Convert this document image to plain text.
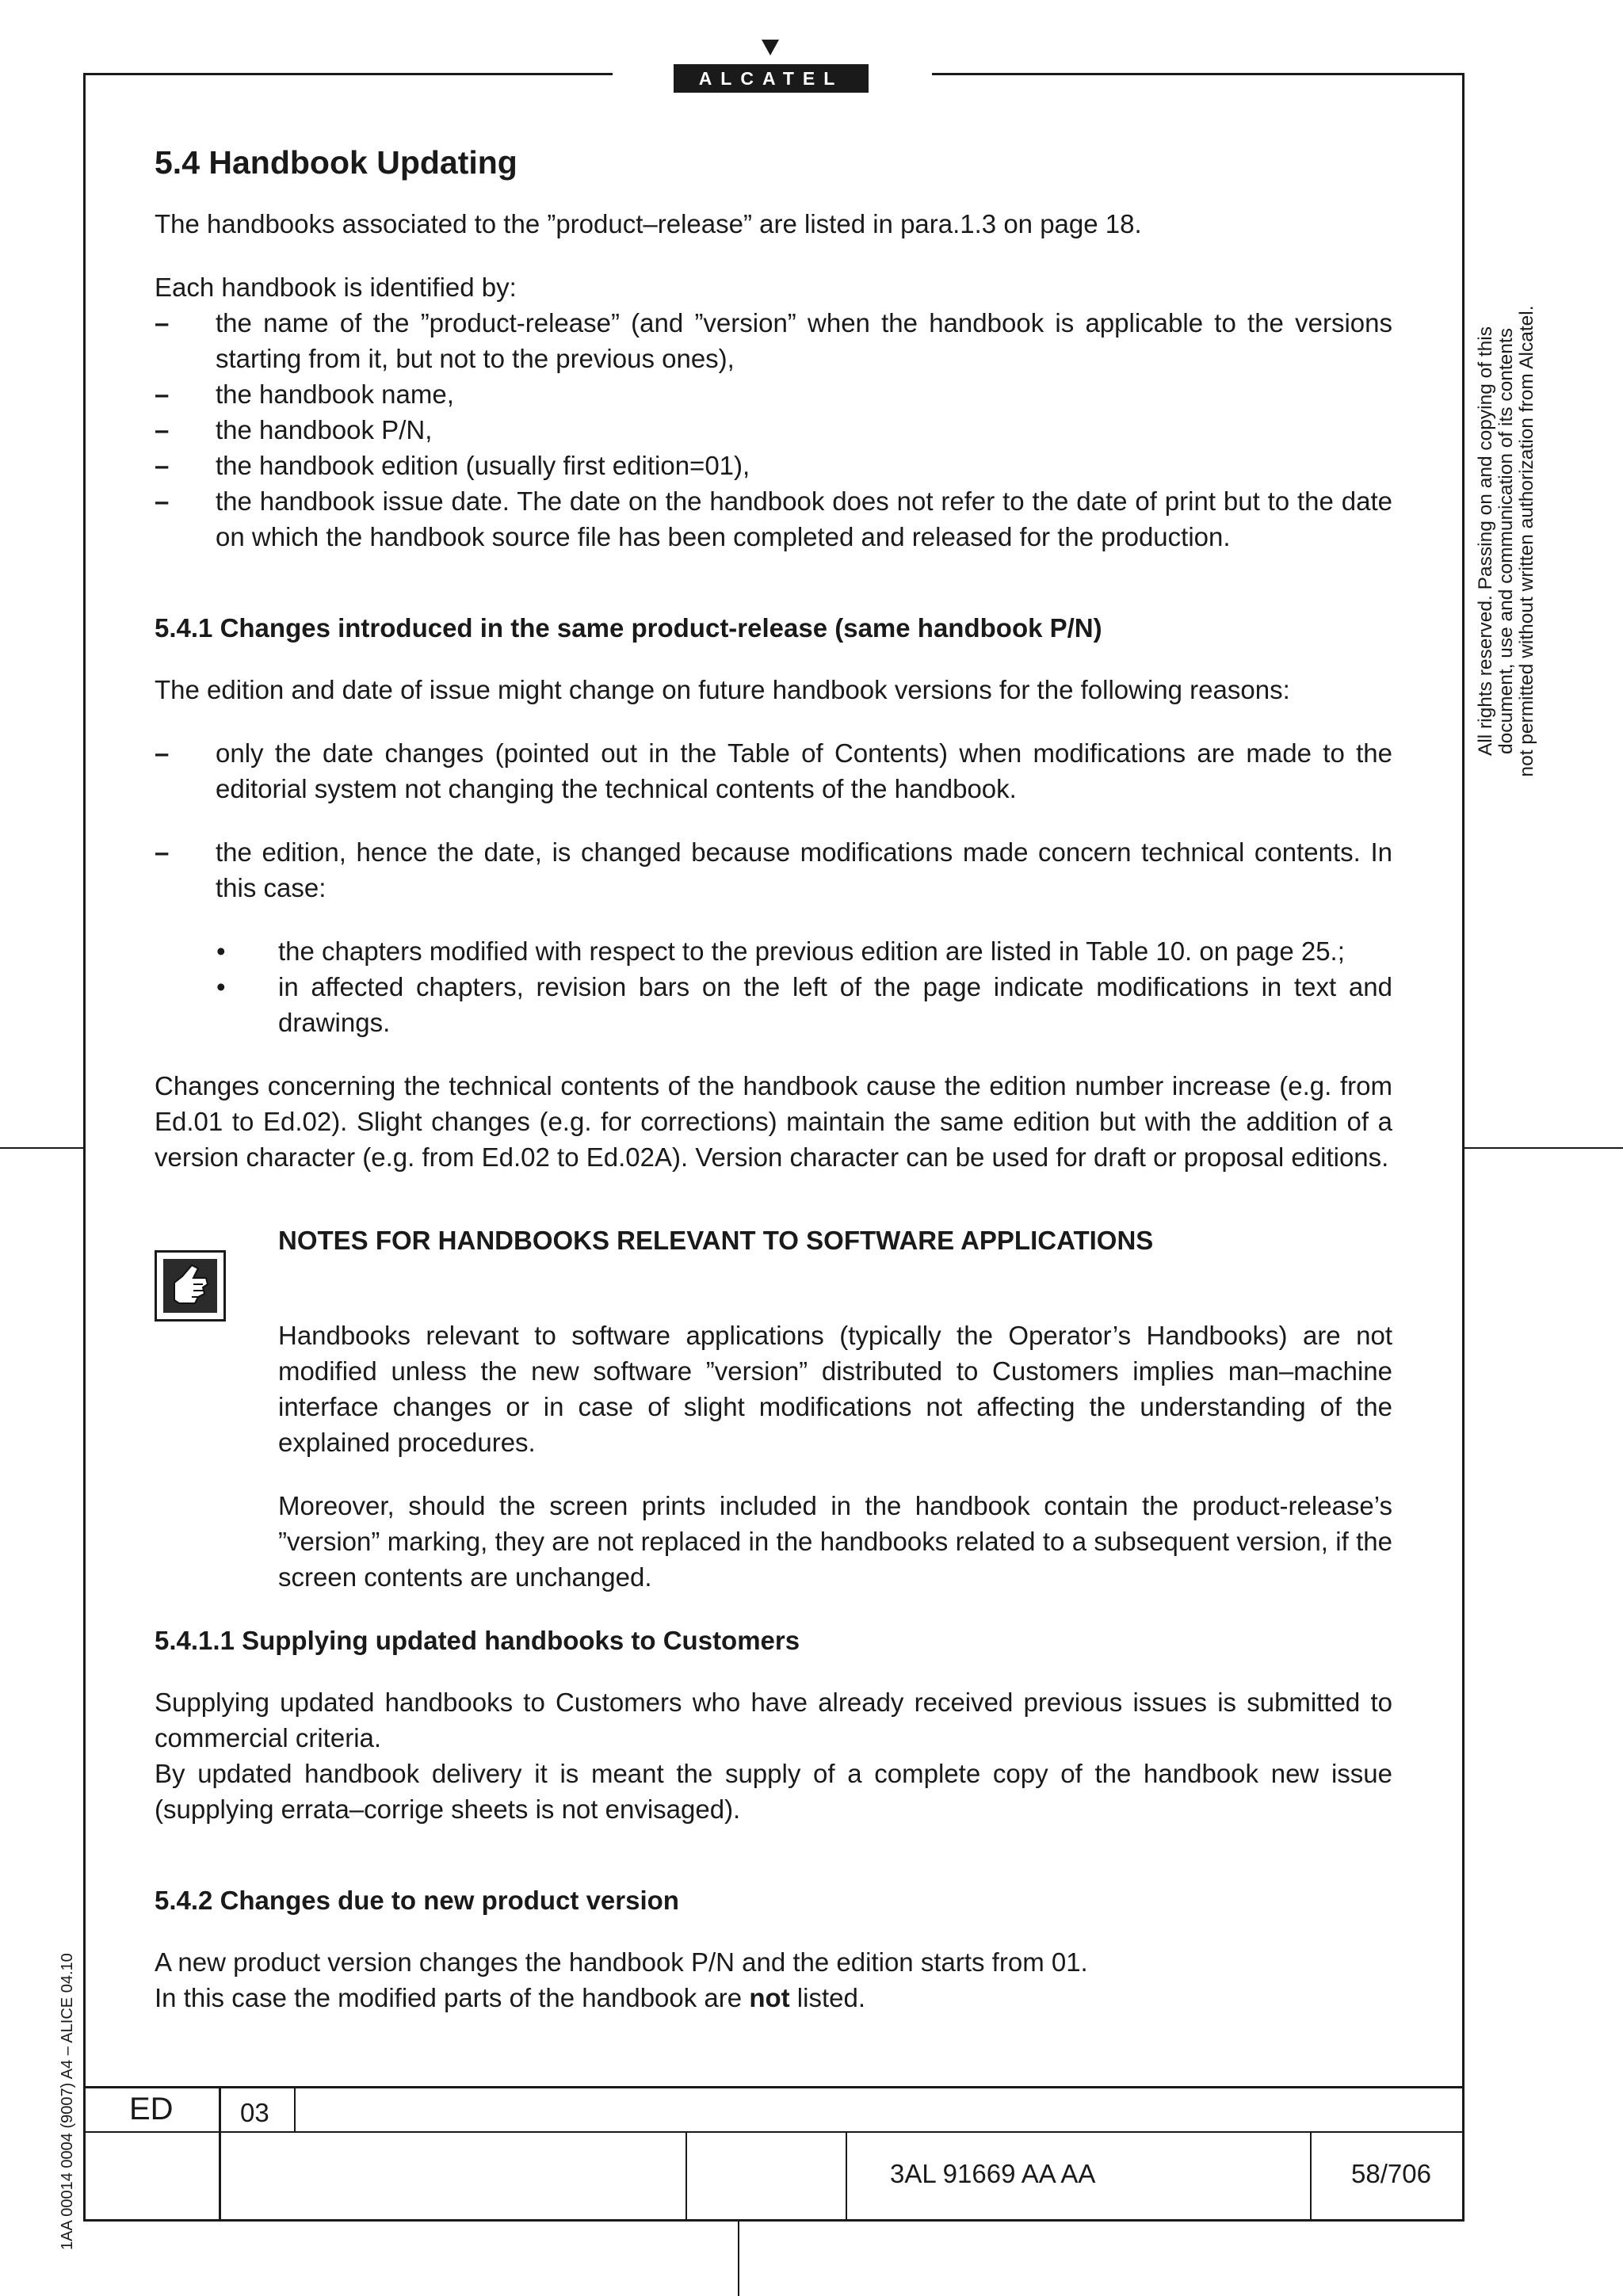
ALCATEL
All rights reserved. Passing on and copying of this document, use and communication of its contents not permitted without written authorization from Alcatel.
1AA 00014 0004 (9007) A4 – ALICE 04.10
5.4 Handbook Updating

The handbooks associated to the ”product–release” are listed in para.1.3 on page 18.

Each handbook is identified by:

– the name of the ”product-release” (and ”version” when the handbook is applicable to the versions starting from it, but not to the previous ones),
– the handbook name,
– the handbook P/N,
– the handbook edition (usually first edition=01),
– the handbook issue date. The date on the handbook does not refer to the date of print but to the date on which the handbook source file has been completed and released for the production.
5.4.1 Changes introduced in the same product-release (same handbook P/N)

The edition and date of issue might change on future handbook versions for the following reasons:

– only the date changes (pointed out in the Table of Contents) when modifications are made to the editorial system not changing the technical contents of the handbook.
– the edition, hence the date, is changed because modifications made concern technical contents. In this case:
• the chapters modified with respect to the previous edition are listed in Table 10. on page 25.;
• in affected chapters, revision bars on the left of the page indicate modifications in text and drawings.

Changes concerning the technical contents of the handbook cause the edition number increase (e.g. from Ed.01 to Ed.02). Slight changes (e.g. for corrections) maintain the same edition but with the addition of a version character (e.g. from Ed.02 to Ed.02A). Version character can be used for draft or proposal editions.

NOTES FOR HANDBOOKS RELEVANT TO SOFTWARE APPLICATIONS

Handbooks relevant to software applications (typically the Operator’s Handbooks) are not modified unless the new software ”version” distributed to Customers implies man–machine interface changes or in case of slight modifications not affecting the understanding of the explained procedures.

Moreover, should the screen prints included in the handbook contain the product-release’s ”version” marking, they are not replaced in the handbooks related to a subsequent version, if the screen contents are unchanged.

5.4.1.1 Supplying updated handbooks to Customers

Supplying updated handbooks to Customers who have already received previous issues is submitted to commercial criteria.

By updated handbook delivery it is meant the supply of a complete copy of the handbook new issue (supplying errata–corrige sheets is not envisaged).

5.4.2 Changes due to new product version

A new product version changes the handbook P/N and the edition starts from 01.

In this case the modified parts of the handbook are not listed.

ED	03
3AL 91669 AA AA	58/706
